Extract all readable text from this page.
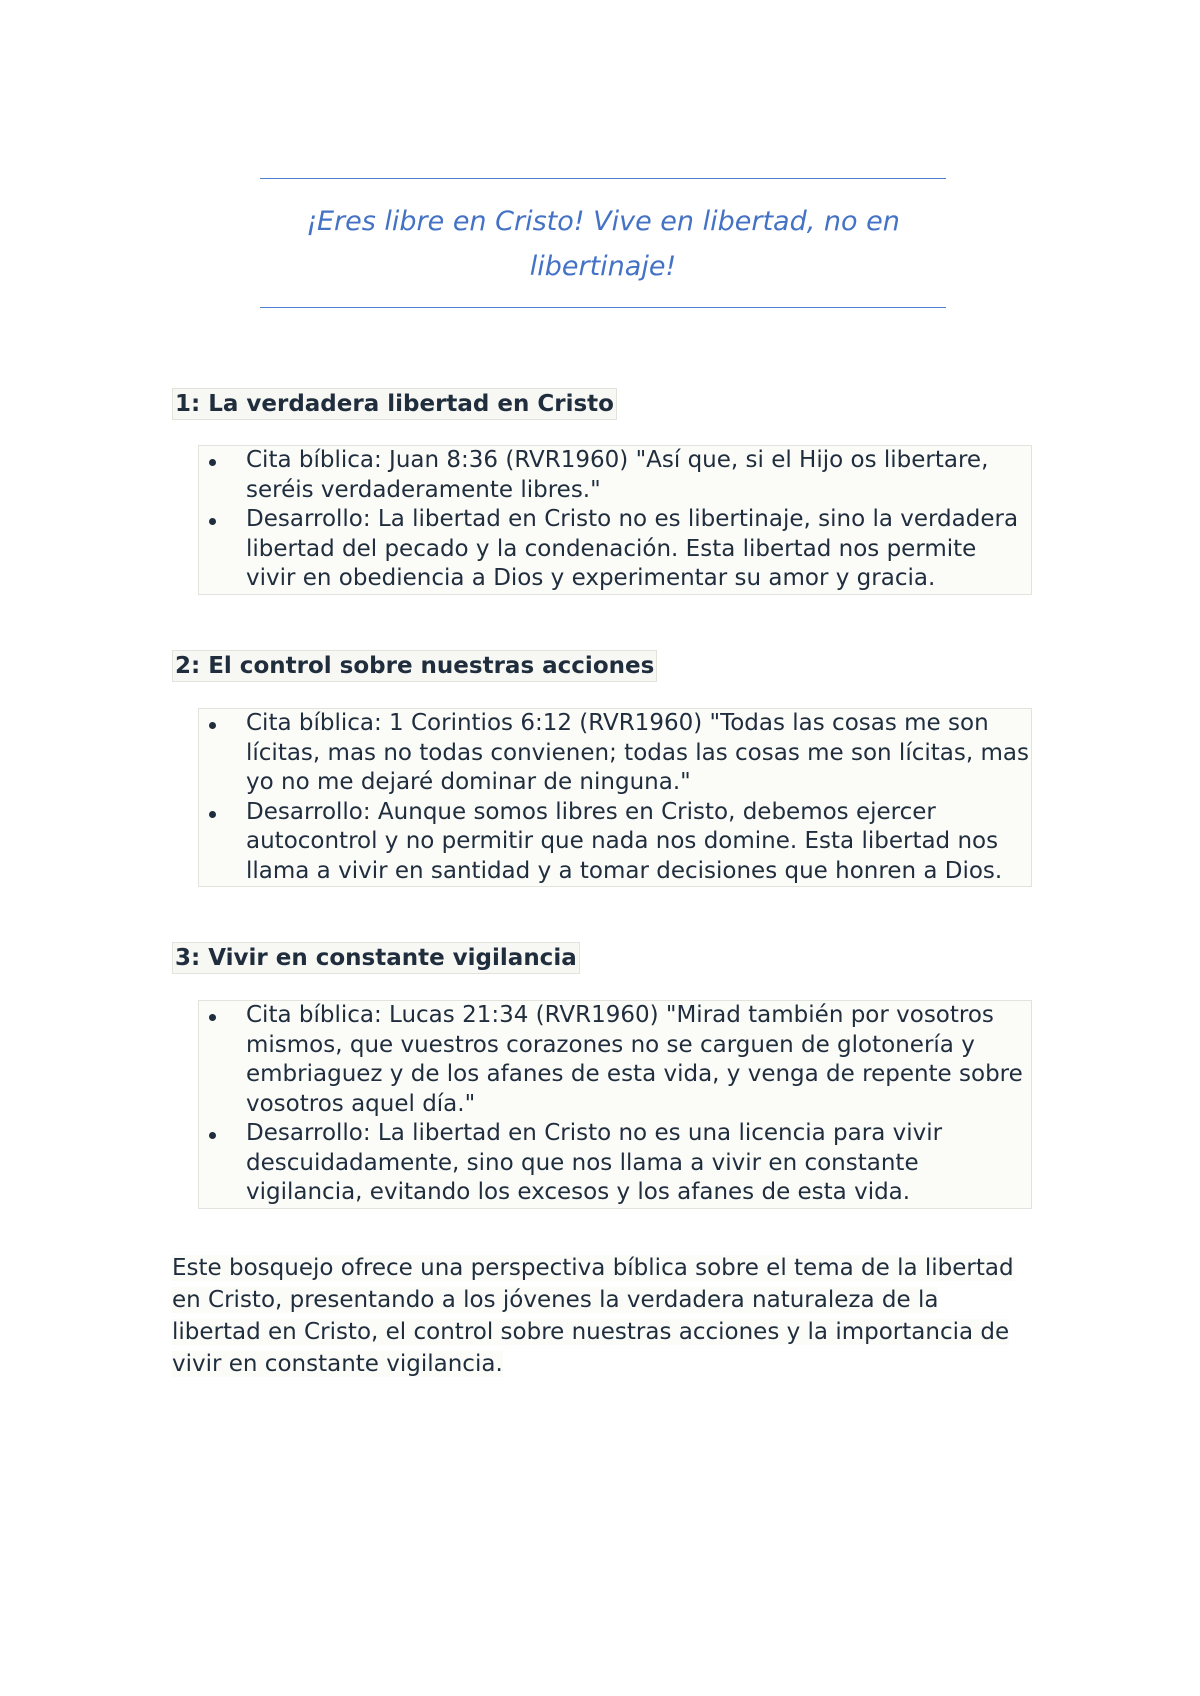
¡Eres libre en Cristo! Vive en libertad, no en libertinaje!
1: La verdadera libertad en Cristo
Cita bíblica: Juan 8:36 (RVR1960) "Así que, si el Hijo os libertare, seréis verdaderamente libres."
Desarrollo: La libertad en Cristo no es libertinaje, sino la verdadera libertad del pecado y la condenación. Esta libertad nos permite vivir en obediencia a Dios y experimentar su amor y gracia.
2: El control sobre nuestras acciones
Cita bíblica: 1 Corintios 6:12 (RVR1960) "Todas las cosas me son lícitas, mas no todas convienen; todas las cosas me son lícitas, mas yo no me dejaré dominar de ninguna."
Desarrollo: Aunque somos libres en Cristo, debemos ejercer autocontrol y no permitir que nada nos domine. Esta libertad nos llama a vivir en santidad y a tomar decisiones que honren a Dios.
3: Vivir en constante vigilancia
Cita bíblica: Lucas 21:34 (RVR1960) "Mirad también por vosotros mismos, que vuestros corazones no se carguen de glotonería y embriaguez y de los afanes de esta vida, y venga de repente sobre vosotros aquel día."
Desarrollo: La libertad en Cristo no es una licencia para vivir descuidadamente, sino que nos llama a vivir en constante vigilancia, evitando los excesos y los afanes de esta vida.
Este bosquejo ofrece una perspectiva bíblica sobre el tema de la libertad en Cristo, presentando a los jóvenes la verdadera naturaleza de la libertad en Cristo, el control sobre nuestras acciones y la importancia de vivir en constante vigilancia.
